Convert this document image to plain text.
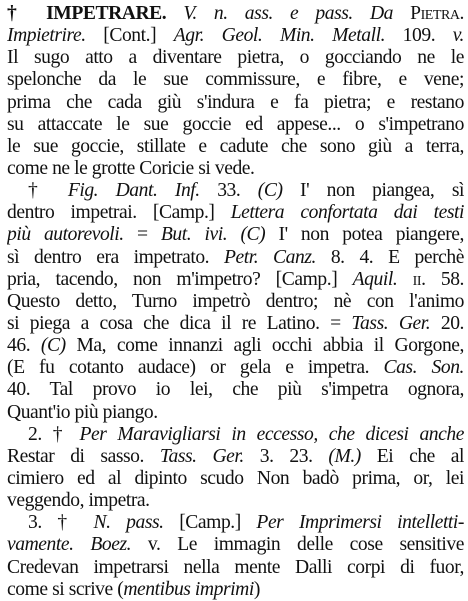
† IMPETRARE. V. n. ass. e pass. Da Pietra.
Impietrire. [Cont.] Agr. Geol. Min. Metall. 109. v.
Il sugo atto a diventare pietra, o gocciando ne le
spelonche da le sue commissure, e fibre, e vene;
prima che cada giù s'indura e fa pietra; e restano
su attaccate le sue goccie ed appese... o s'impetrano
le sue goccie, stillate e cadute che sono giù a terra,
come ne le grotte Coricie si vede.
† Fig. Dant. Inf. 33. (C) I' non piangea, sì
dentro impetrai. [Camp.] Lettera confortata dai testi
più autorevoli. = But. ivi. (C) I' non potea piangere,
sì dentro era impetrato. Petr. Canz. 8. 4. E perchè
pria, tacendo, non m'impetro? [Camp.] Aquil. ii. 58.
Questo detto, Turno impetrò dentro; nè con l'animo
si piega a cosa che dica il re Latino. = Tass. Ger. 20.
46. (C) Ma, come innanzi agli occhi abbia il Gorgone,
(E fu cotanto audace) or gela e impetra. Cas. Son.
40. Tal provo io lei, che più s'impetra ognora,
Quant'io più piango.
2. † Per Maravigliarsi in eccesso, che dicesi anche
Restar di sasso. Tass. Ger. 3. 23. (M.) Ei che al
cimiero ed al dipinto scudo Non badò prima, or, lei
veggendo, impetra.
3. † N. pass. [Camp.] Per Imprimersi intelletti-
vamente. Boez. v. Le immagin delle cose sensitive
Credevan impetrarsi nella mente Dalli corpi di fuor,
come si scrive (mentibus imprimi)
